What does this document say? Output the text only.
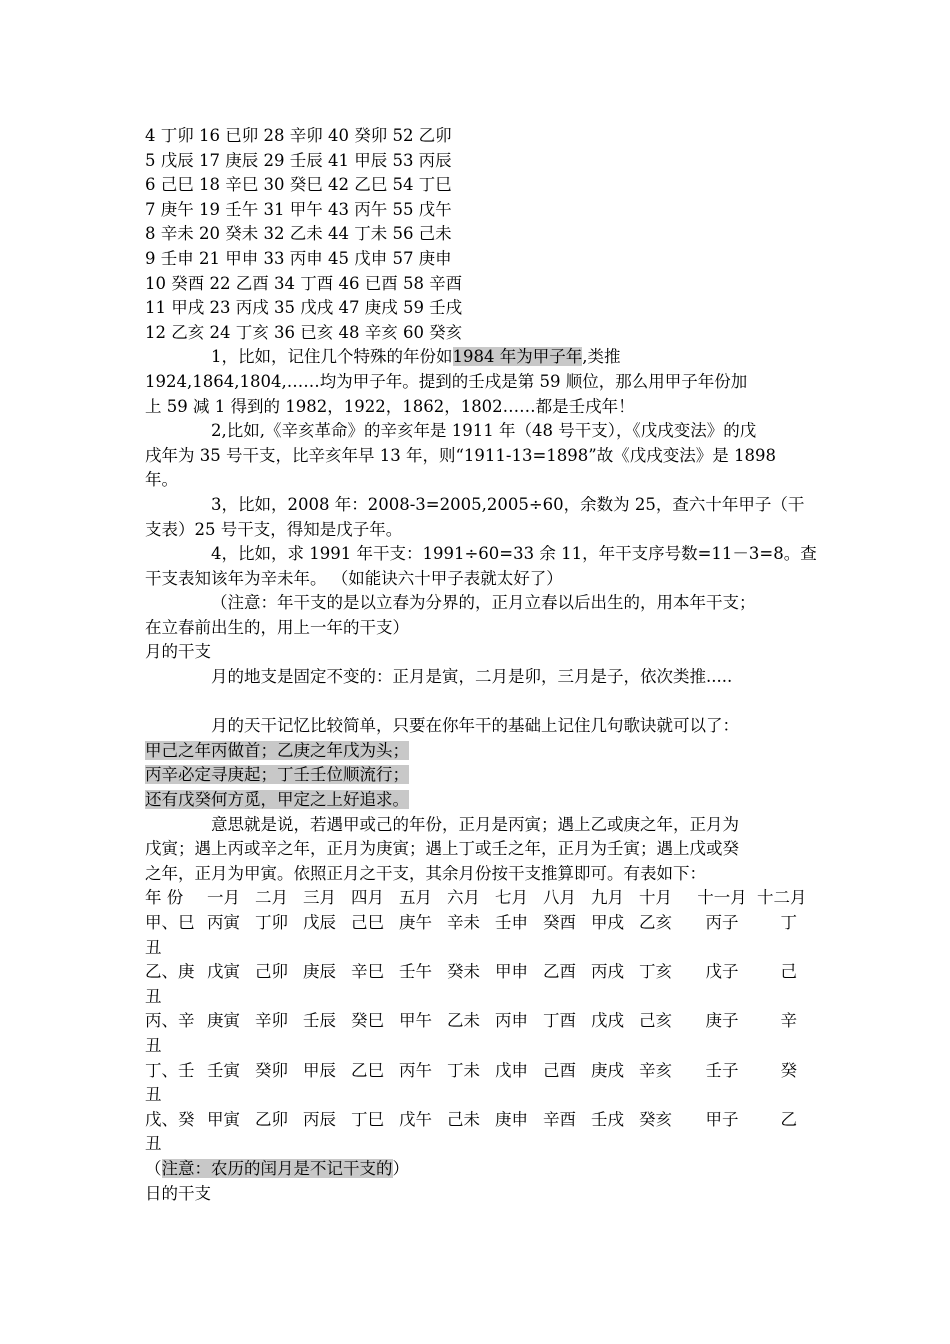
4 丁卯 16 已卯 28 辛卯 40 癸卯 52 乙卯
5 戊辰 17 庚辰 29 壬辰 41 甲辰 53 丙辰
6 己巳 18 辛巳 30 癸巳 42 乙巳 54 丁巳
7 庚午 19 壬午 31 甲午 43 丙午 55 戊午
8 辛未 20 癸未 32 乙未 44 丁未 56 己未
9 壬申 21 甲申 33 丙申 45 戊申 57 庚申
10 癸酉 22 乙酉 34 丁酉 46 已酉 58 辛酉
11 甲戌 23 丙戌 35 戊戌 47 庚戌 59 壬戌
12 乙亥 24 丁亥 36 已亥 48 辛亥 60 癸亥
1，比如，记住几个特殊的年份如1984 年为甲子年,类推
1924,1864,1804,……均为甲子年。提到的壬戌是第 59 顺位，那么用甲子年份加
上 59 减 1 得到的 1982，1922，1862，1802……都是壬戌年！
2,比如,《辛亥革命》的辛亥年是 1911 年（48 号干支），《戊戌变法》的戊
戌年为 35 号干支，比辛亥年早 13 年，则“1911-13=1898”故《戊戌变法》是 1898
年。
3，比如，2008 年：2008-3=2005,2005÷60，余数为 25，查六十年甲子（干
支表）25 号干支，得知是戊子年。
4，比如，求 1991 年干支：1991÷60=33 余 11，年干支序号数=11－3=8。查
干支表知该年为辛未年。 （如能诀六十甲子表就太好了）
（注意：年干支的是以立春为分界的，正月立春以后出生的，用本年干支；
在立春前出生的，用上一年的干支）
月的干支
月的地支是固定不变的：正月是寅，二月是卯，三月是子，依次类推.....
月的天干记忆比较简单，只要在你年干的基础上记住几句歌诀就可以了：
甲己之年丙做首；乙庚之年戊为头；
丙辛必定寻庚起；丁壬壬位顺流行；
还有戊癸何方觅，甲定之上好追求。
意思就是说，若遇甲或己的年份，正月是丙寅；遇上乙或庚之年，正月为
戊寅；遇上丙或辛之年，正月为庚寅；遇上丁或壬之年，正月为壬寅；遇上戊或癸
之年，正月为甲寅。依照正月之干支，其余月份按干支推算即可。有表如下：
年 份	一月 二月 三月 四月 五月 六月 七月 八月 九月 十月	十一月 十二月
甲、巳 丙寅 丁卯 戊辰 己巳 庚午 辛未 壬申 癸酉 甲戌 乙亥	丙子	丁
丑
乙、庚 戊寅 己卯 庚辰 辛巳 壬午 癸未 甲申 乙酉 丙戌 丁亥	戊子	己
丑
丙、辛 庚寅 辛卯 壬辰 癸巳 甲午 乙未 丙申 丁酉 戊戌 己亥	庚子	辛
丑
丁、壬 壬寅 癸卯 甲辰 乙巳 丙午 丁未 戊申 己酉 庚戌 辛亥	壬子	癸
丑
戊、癸 甲寅 乙卯 丙辰 丁巳 戊午 己未 庚申 辛酉 壬戌 癸亥	甲子	乙
丑
（注意：农历的闰月是不记干支的）
日的干支
